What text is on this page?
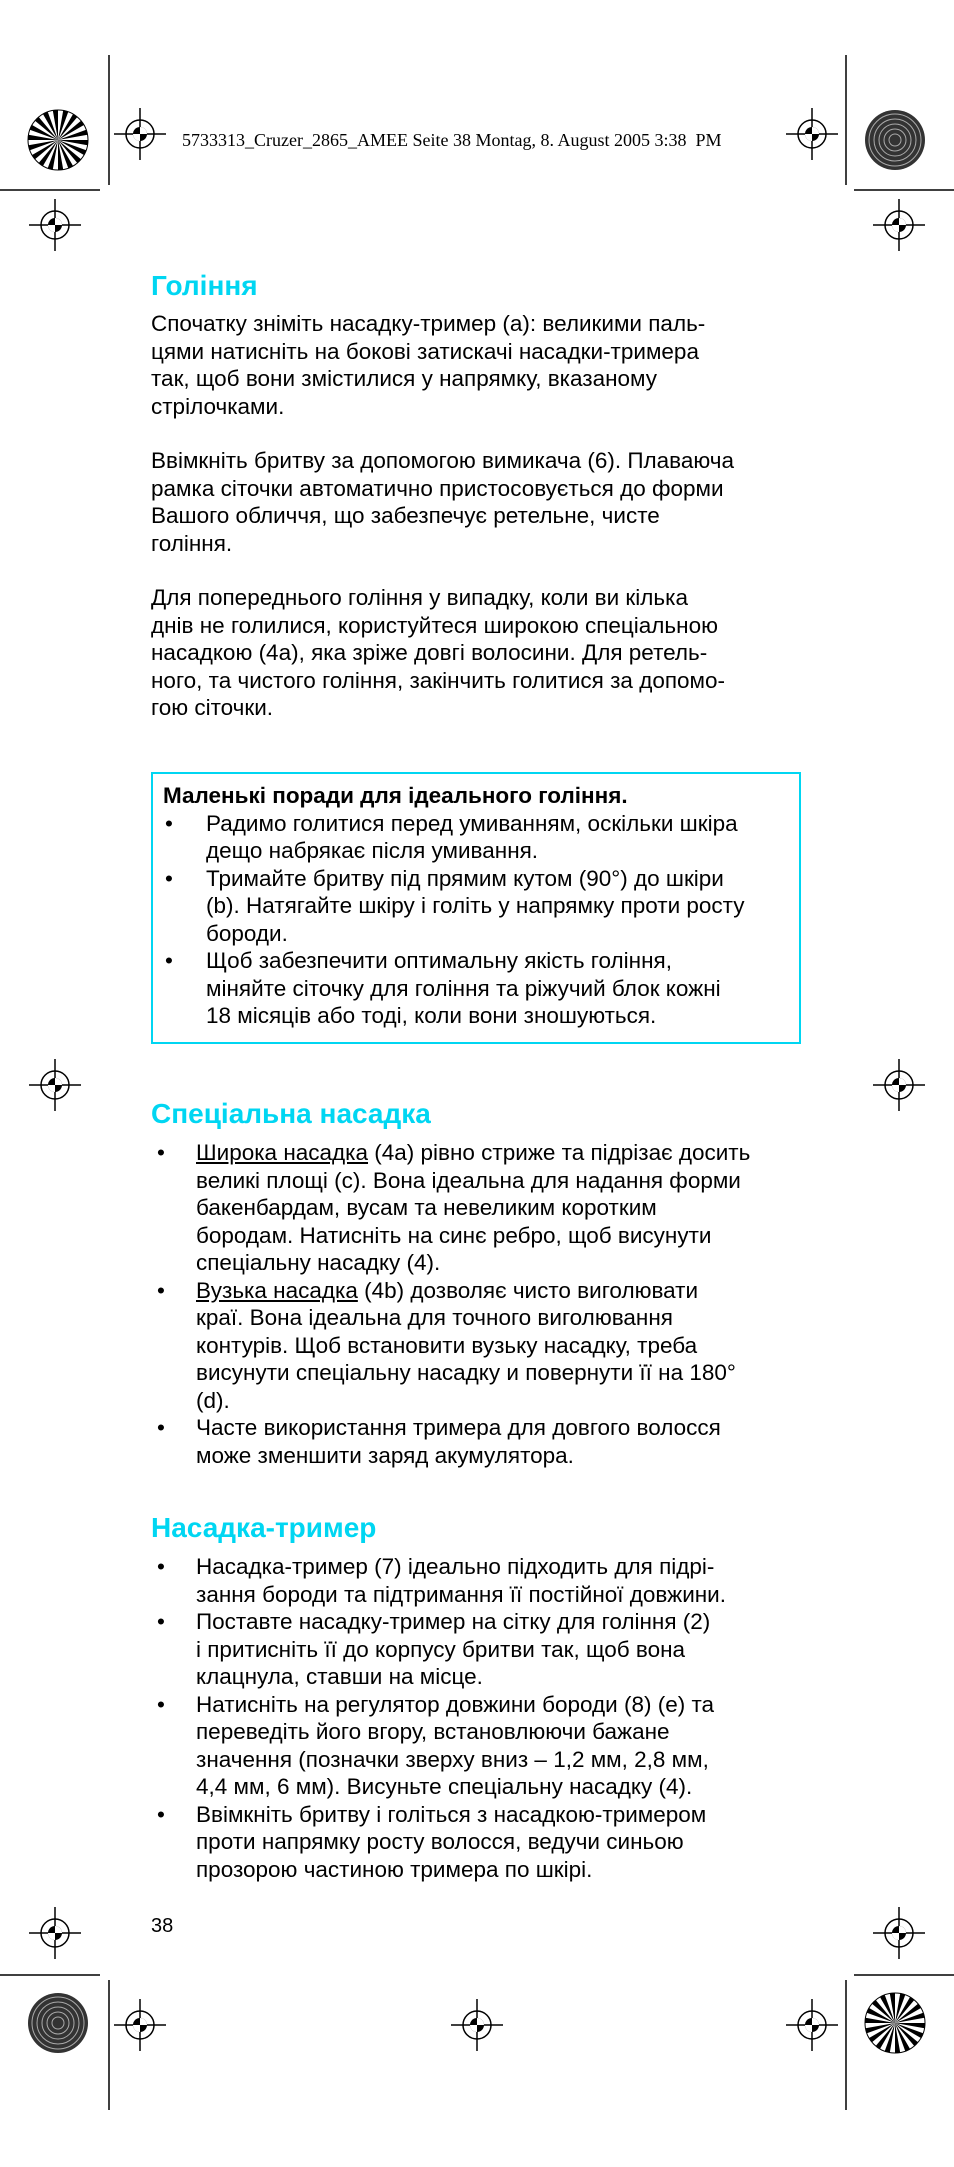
5733313_Cruzer_2865_AMEE Seite 38 Montag, 8. August 2005 3:38  PM
Гоління
Спочатку зніміть насадку-тример (a): великими паль-
цями натисніть на бокові затискачі насадки-тримера
так, щоб вони змістилися у напрямку, вказаному
стрілочками.
Ввімкніть бритву за допомогою вимикача (6). Плаваюча
рамка сіточки автоматично пристосовується до форми
Вашого обличчя, що забезпечує ретельне, чисте
гоління.
Для попереднього гоління у випадку, коли ви кілька
днів не голилися, користуйтеся широкою спеціальною
насадкою (4a), яка зріже довгі волосини. Для ретель-
ного, та чистого гоління, закінчить голитися за допомо-
гою сіточки.
Маленькі поради для ідеального гоління.
• Радимо голитися перед умиванням, оскільки шкіра
дещо набрякає після умивання.
• Тримайте бритву під прямим кутом (90°) до шкіри
(b). Натягайте шкіру і голіть у напрямку проти росту
бороди.
• Щоб забезпечити оптимальну якість гоління,
міняйте сіточку для гоління та ріжучий блок кожні
18 місяців або тоді, коли вони зношуються.
Спеціальна насадка
• Широка насадка (4a) рівно стриже та підрізає досить
великі площі (c). Вона ідеальна для надання форми
бакенбардам, вусам та невеликим коротким
бородам. Натисніть на синє ребро, щоб висунути
спеціальну насадку (4).
• Вузька насадка (4b) дозволяє чисто виголювати
краї. Вона ідеальна для точного виголювання
контурів. Щоб встановити вузьку насадку, треба
висунути спеціальну насадку и повернути її на 180°
(d).
• Часте використання тримера для довгого волосся
може зменшити заряд акумулятора.
Насадка-тример
• Насадка-тример (7) ідеально підходить для підрі-
зання бороди та підтримання її постійної довжини.
• Поставте насадку-тример на сітку для гоління (2)
і притисніть її до корпусу бритви так, щоб вона
клацнула, ставши на місце.
• Натисніть на регулятор довжини бороди (8) (e) та
переведіть його вгору, встановлюючи бажане
значення (позначки зверху вниз – 1,2 мм, 2,8 мм,
4,4 мм, 6 мм). Висуньте спеціальну насадку (4).
• Ввімкніть бритву і голіться з насадкою-тримером
проти напрямку росту волосся, ведучи синьою
прозорою частиною тримера по шкірі.
38
